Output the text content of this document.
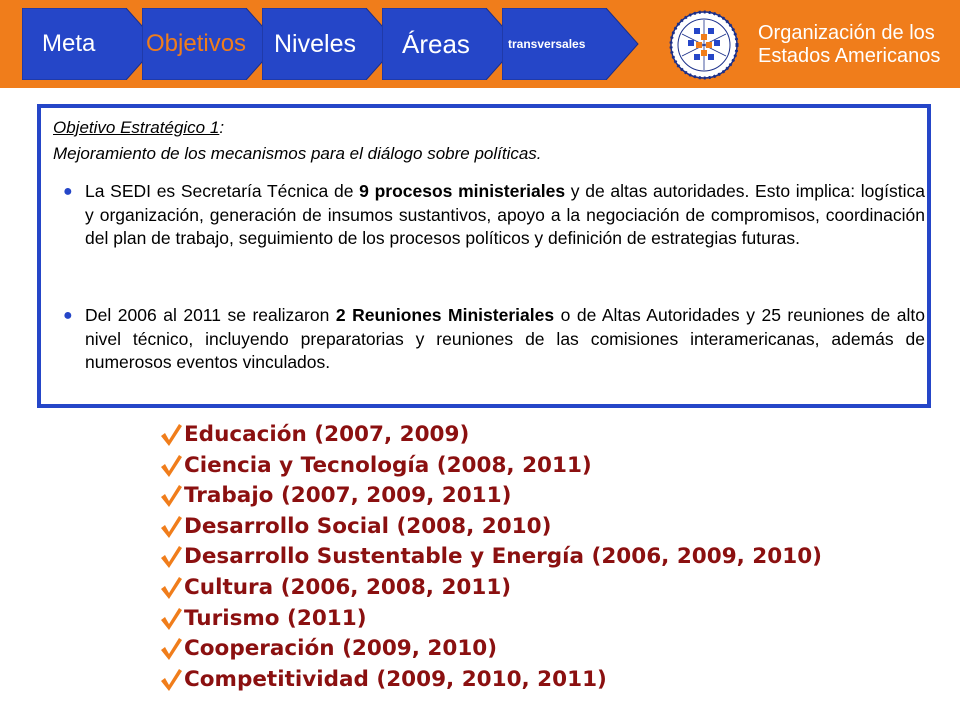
Meta Objetivos Niveles Áreas	transversales	Organización de los
Estados Americanos
Objetivo Estratégico 1:
Mejoramiento de los mecanismos para el diálogo sobre políticas.
● La SEDI es Secretaría Técnica de 9 procesos ministeriales y de altas autoridades. Esto implica: logística y organización, generación de insumos sustantivos, apoyo a la negociación de compromisos, coordinación del plan de trabajo, seguimiento de los procesos políticos y definición de estrategias futuras.
● Del 2006 al 2011 se realizaron 2 Reuniones Ministeriales o de Altas Autoridades y 25 reuniones de alto nivel técnico, incluyendo preparatorias y reuniones de las comisiones interamericanas, además de numerosos eventos vinculados.
Educación (2007, 2009)
Ciencia y Tecnología (2008, 2011)
Trabajo (2007, 2009, 2011)
Desarrollo Social (2008, 2010)
Desarrollo Sustentable y Energía (2006, 2009, 2010)
Cultura (2006, 2008, 2011)
Turismo (2011)
Cooperación (2009, 2010)
Competitividad (2009, 2010, 2011)
